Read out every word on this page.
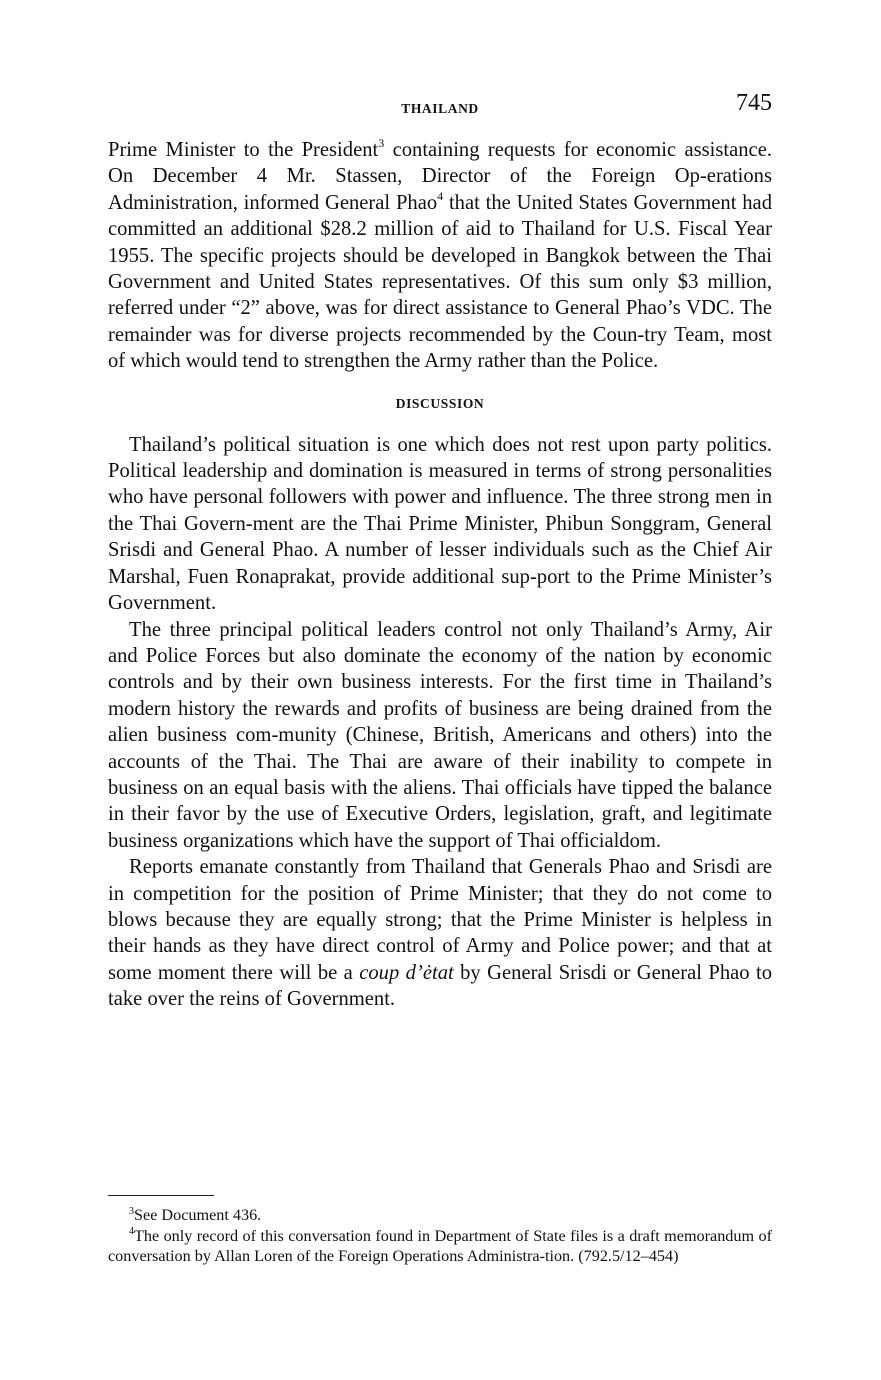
THAILAND	745

Prime Minister to the President$^3$ containing requests for economic assistance. On December 4 Mr. Stassen, Director of the Foreign Op-erations Administration, informed General Phao$^4$ that the United States Government had committed an additional $28.2 million of aid to Thailand for U.S. Fiscal Year 1955. The specific projects should be developed in Bangkok between the Thai Government and United States representatives. Of this sum only $3 million, referred under “2” above, was for direct assistance to General Phao’s VDC. The remainder was for diverse projects recommended by the Coun-try Team, most of which would tend to strengthen the Army rather than the Police.

DISCUSSION

Thailand’s political situation is one which does not rest upon party politics. Political leadership and domination is measured in terms of strong personalities who have personal followers with power and influence. The three strong men in the Thai Govern-ment are the Thai Prime Minister, Phibun Songgram, General Srisdi and General Phao. A number of lesser individuals such as the Chief Air Marshal, Fuen Ronaprakat, provide additional sup-port to the Prime Minister’s Government.

The three principal political leaders control not only Thailand’s Army, Air and Police Forces but also dominate the economy of the nation by economic controls and by their own business interests. For the first time in Thailand’s modern history the rewards and profits of business are being drained from the alien business com-munity (Chinese, British, Americans and others) into the accounts of the Thai. The Thai are aware of their inability to compete in business on an equal basis with the aliens. Thai officials have tipped the balance in their favor by the use of Executive Orders, legislation, graft, and legitimate business organizations which have the support of Thai officialdom.

Reports emanate constantly from Thailand that Generals Phao and Srisdi are in competition for the position of Prime Minister; that they do not come to blows because they are equally strong; that the Prime Minister is helpless in their hands as they have direct control of Army and Police power; and that at some moment there will be a coup d’ėtat by General Srisdi or General Phao to take over the reins of Government.

$^3$See Document 436.

$^4$The only record of this conversation found in Department of State files is a draft memorandum of conversation by Allan Loren of the Foreign Operations Administra-tion. (792.5/12–454)
